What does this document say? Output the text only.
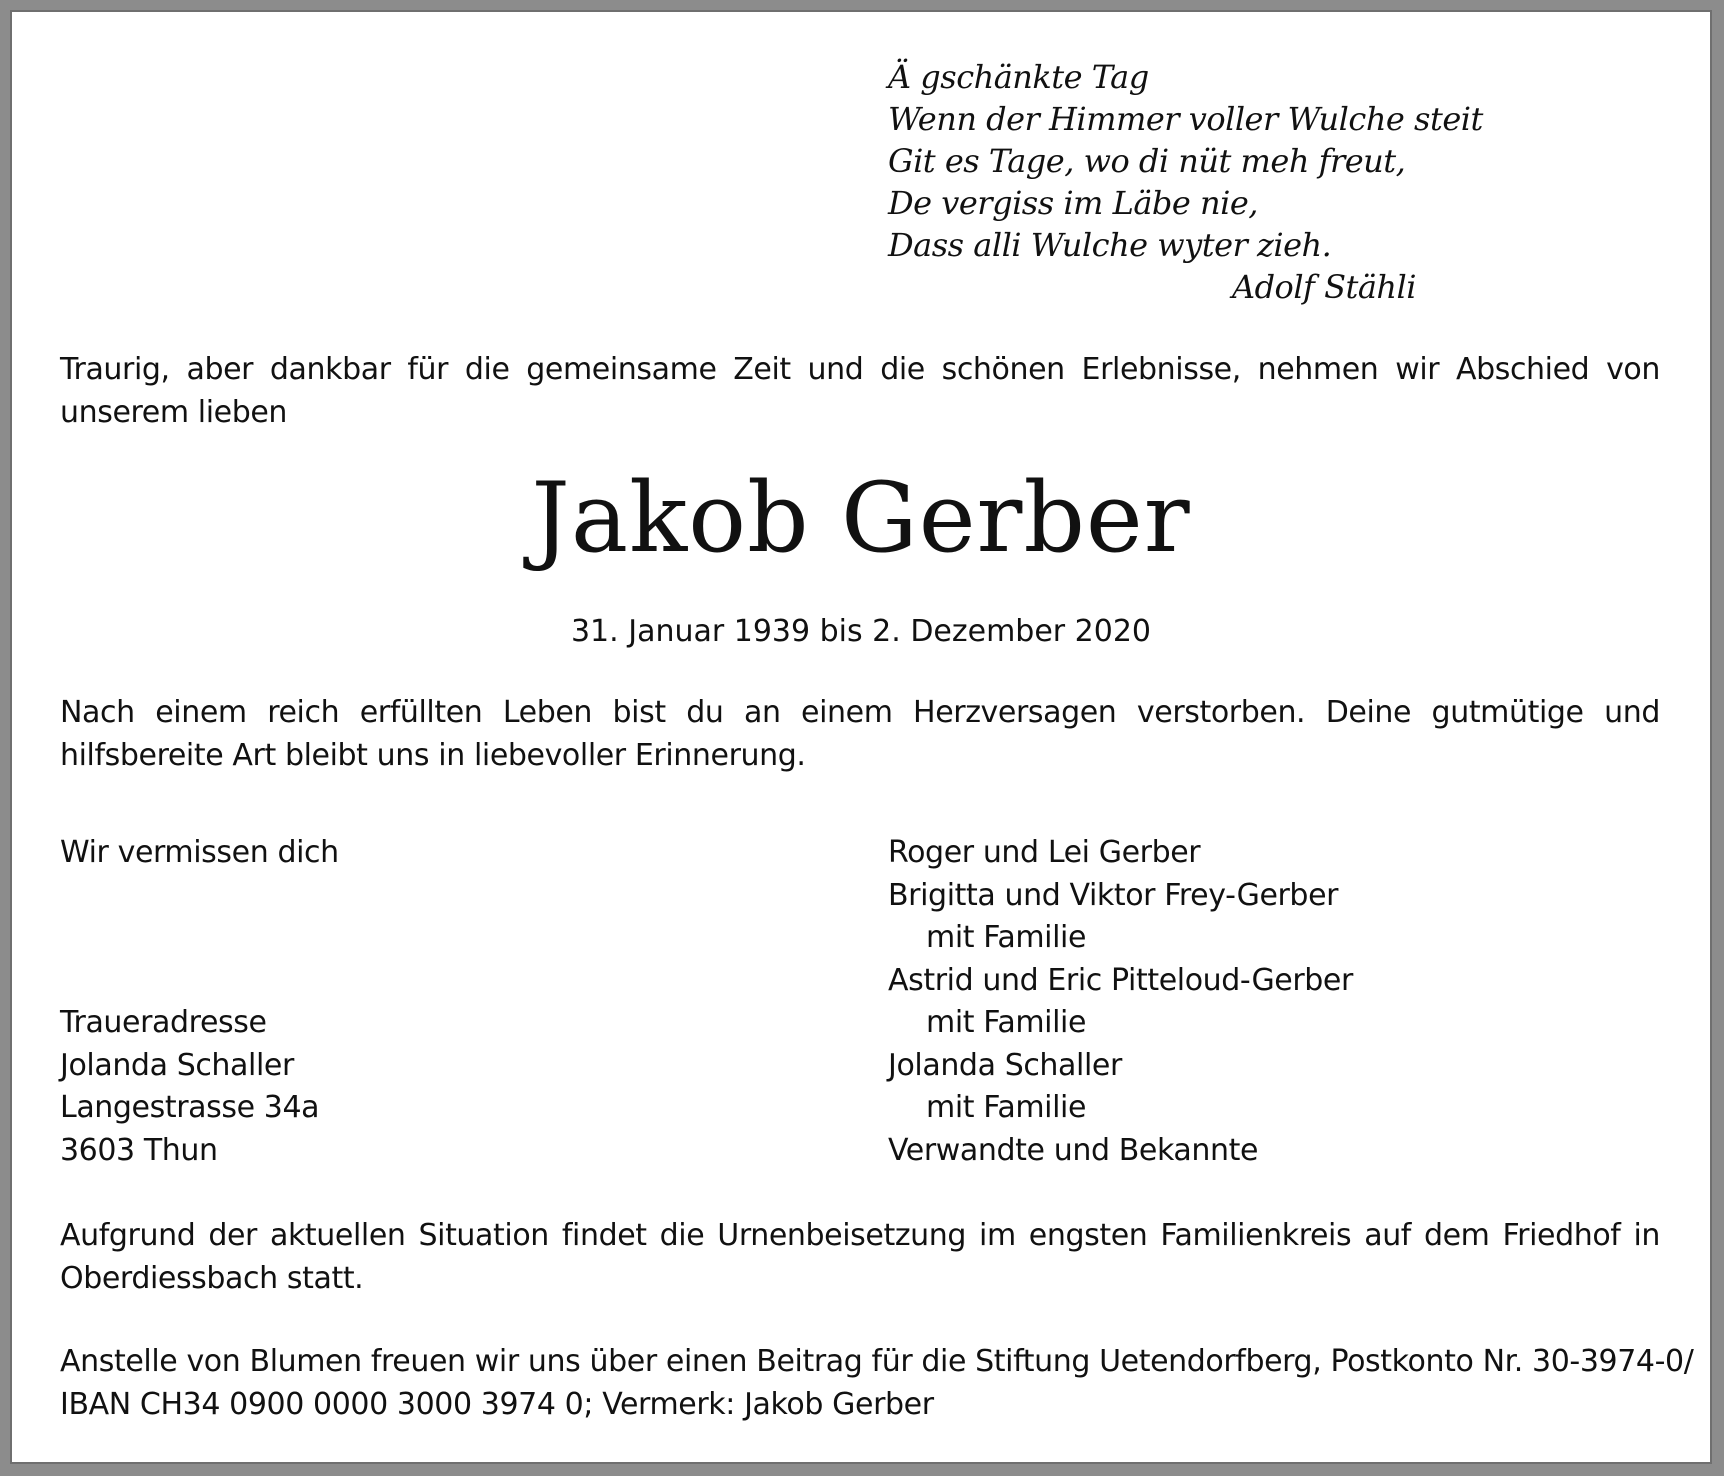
Ä gschänkte Tag
Wenn der Himmer voller Wulche steit
Git es Tage, wo di nüt meh freut,
De vergiss im Läbe nie,
Dass alli Wulche wyter zieh.
Adolf Stähli
Traurig, aber dankbar für die gemeinsame Zeit und die schönen Erlebnisse, nehmen wir Abschied von unserem lieben
Jakob Gerber
31. Januar 1939 bis 2. Dezember 2020
Nach einem reich erfüllten Leben bist du an einem Herzversagen verstorben. Deine gutmütige und hilfsbereite Art bleibt uns in liebevoller Erinnerung.
Wir vermissen dich
Traueradresse
Jolanda Schaller
Langestrasse 34a
3603 Thun
Roger und Lei Gerber
Brigitta und Viktor Frey-Gerber
mit Familie
Astrid und Eric Pitteloud-Gerber
mit Familie
Jolanda Schaller
mit Familie
Verwandte und Bekannte
Aufgrund der aktuellen Situation findet die Urnenbeisetzung im engsten Familienkreis auf dem Friedhof in Oberdiessbach statt.
Anstelle von Blumen freuen wir uns über einen Beitrag für die Stiftung Uetendorfberg, Postkonto Nr. 30-3974-0/
IBAN CH34 0900 0000 3000 3974 0; Vermerk: Jakob Gerber
